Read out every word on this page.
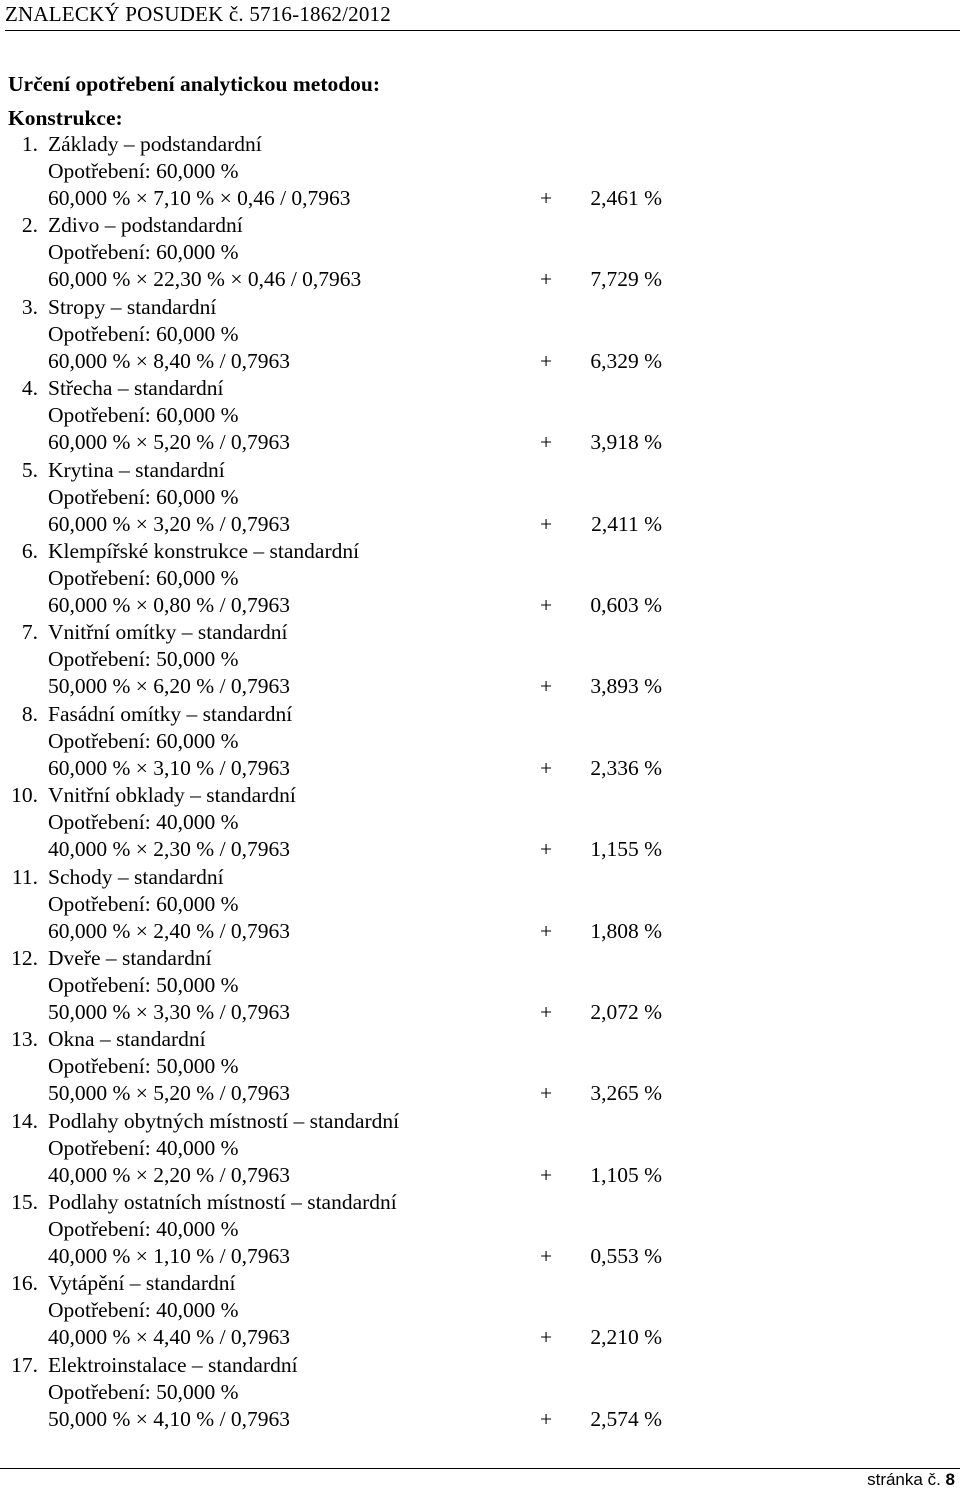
ZNALECKÝ POSUDEK č. 5716-1862/2012
Určení opotřebení analytickou metodou:
Konstrukce:
1. Základy – podstandardní
Opotřebení: 60,000 %
60,000 % × 7,10 % × 0,46 / 0,7963	+	2,461 %
2. Zdivo – podstandardní
Opotřebení: 60,000 %
60,000 % × 22,30 % × 0,46 / 0,7963	+	7,729 %
3. Stropy – standardní
Opotřebení: 60,000 %
60,000 % × 8,40 % / 0,7963	+	6,329 %
4. Střecha – standardní
Opotřebení: 60,000 %
60,000 % × 5,20 % / 0,7963	+	3,918 %
5. Krytina – standardní
Opotřebení: 60,000 %
60,000 % × 3,20 % / 0,7963	+	2,411 %
6. Klempířské konstrukce – standardní
Opotřebení: 60,000 %
60,000 % × 0,80 % / 0,7963	+	0,603 %
7. Vnitřní omítky – standardní
Opotřebení: 50,000 %
50,000 % × 6,20 % / 0,7963	+	3,893 %
8. Fasádní omítky – standardní
Opotřebení: 60,000 %
60,000 % × 3,10 % / 0,7963	+	2,336 %
10. Vnitřní obklady – standardní
Opotřebení: 40,000 %
40,000 % × 2,30 % / 0,7963	+	1,155 %
11. Schody – standardní
Opotřebení: 60,000 %
60,000 % × 2,40 % / 0,7963	+	1,808 %
12. Dveře – standardní
Opotřebení: 50,000 %
50,000 % × 3,30 % / 0,7963	+	2,072 %
13. Okna – standardní
Opotřebení: 50,000 %
50,000 % × 5,20 % / 0,7963	+	3,265 %
14. Podlahy obytných místností – standardní
Opotřebení: 40,000 %
40,000 % × 2,20 % / 0,7963	+	1,105 %
15. Podlahy ostatních místností – standardní
Opotřebení: 40,000 %
40,000 % × 1,10 % / 0,7963	+	0,553 %
16. Vytápění – standardní
Opotřebení: 40,000 %
40,000 % × 4,40 % / 0,7963	+	2,210 %
17. Elektroinstalace – standardní
Opotřebení: 50,000 %
50,000 % × 4,10 % / 0,7963	+	2,574 %
stránka č. 8
